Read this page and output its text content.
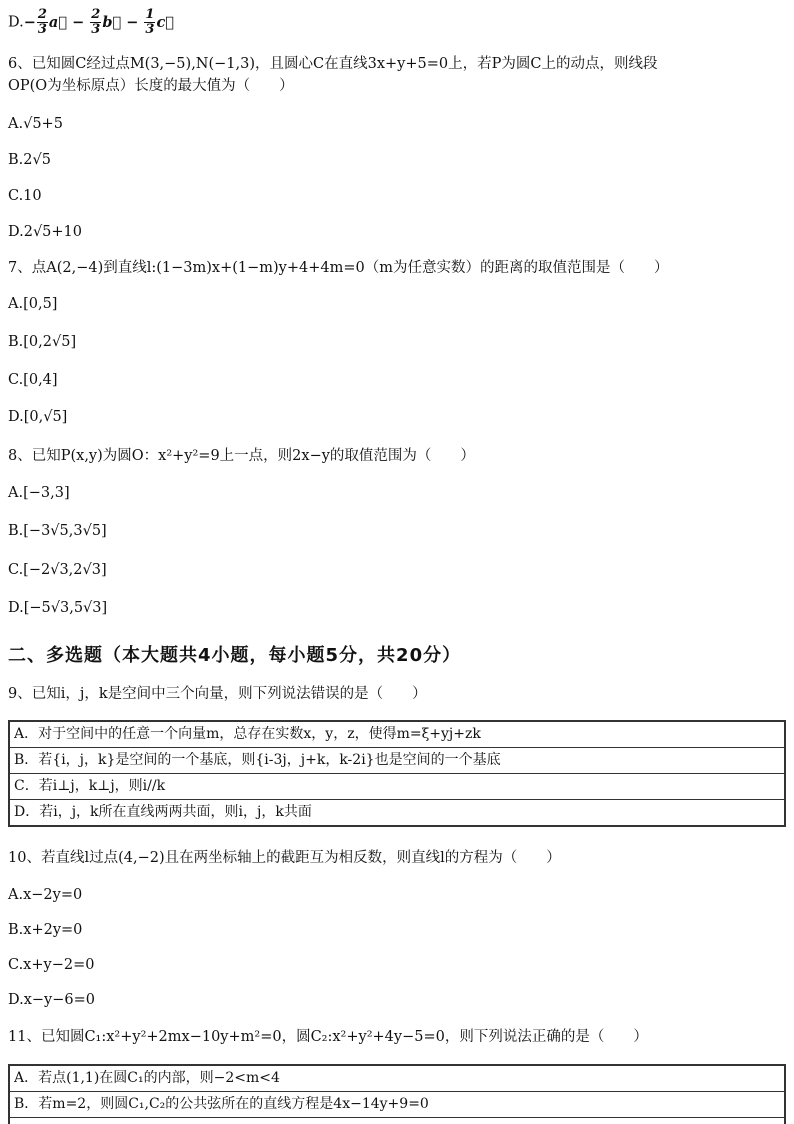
$D.- \frac{2}{3}$ a⃗ − $\frac{2}{3}$ b⃗ − $\frac{1}{3}$ c⃗
6、已知圆C经过点M(3,−5),N(−1,3)，且圆心C在直线3x+y+5=0上，若P为圆C上的动点，则线段
OP(O为坐标原点）长度的最大值为（　　）
A.√5+5
B.2√5
C.10
D.2√5+10
7、点A(2,−4)到直线l:(1−3m)x+(1−m)y+4+4m=0（m为任意实数）的距离的取值范围是（　　）
A.[0,5]
B.[0,2√5]
C.[0,4]
D.[0,√5]
8、已知P(x,y)为圆O：x²+y²=9上一点，则2x−y的取值范围为（　　）
A.[−3,3]
B.[−3√5,3√5]
C.[−2√3,2√3]
D.[−5√3,5√3]
二、多选题（本大题共4小题，每小题5分，共20分）
9、已知i，j，k是空间中三个向量，则下列说法错误的是（　　）
A．对于空间中的任意一个向量m，总存在实数x，y，z，使得m=ξ+yj+zk
B．若{i，j，k}是空间的一个基底，则{i-3j，j+k，k-2i}也是空间的一个基底
C．若i⊥j，k⊥j，则i//k
D．若i，j，k所在直线两两共面，则i，j，k共面
10、若直线l过点(4,−2)且在两坐标轴上的截距互为相反数，则直线l的方程为（　　）
A.x−2y=0
B.x+2y=0
C.x+y−2=0
D.x−y−6=0
11、已知圆C₁:x²+y²+2mx−10y+m²=0，圆C₂:x²+y²+4y−5=0，则下列说法正确的是（　　）
A．若点(1,1)在圆C₁的内部，则−2<m<4
B．若m=2，则圆C₁,C₂的公共弦所在的直线方程是4x−14y+9=0
